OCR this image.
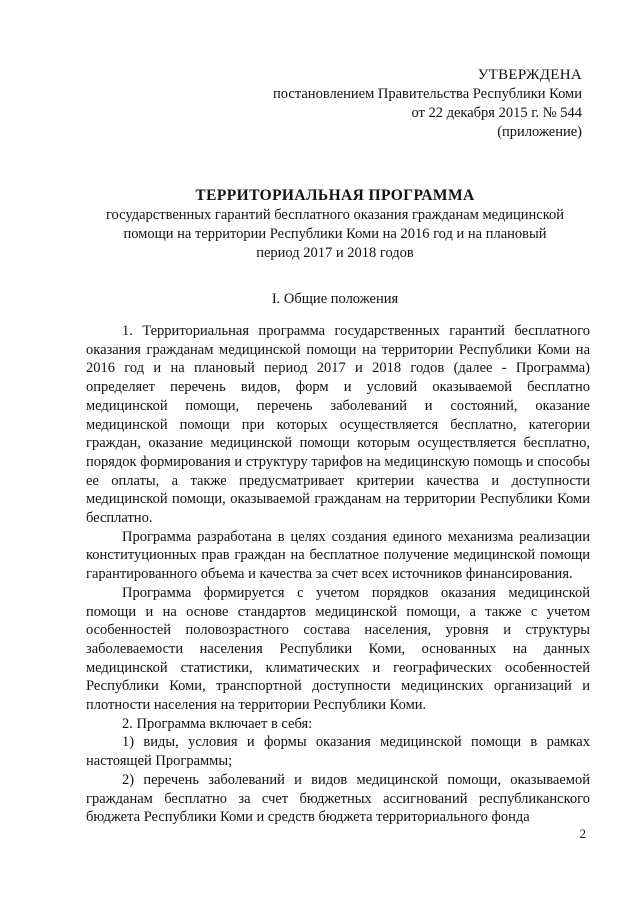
УТВЕРЖДЕНА
постановлением Правительства Республики Коми
от 22 декабря 2015 г. № 544
(приложение)
ТЕРРИТОРИАЛЬНАЯ ПРОГРАММА
государственных гарантий бесплатного оказания гражданам медицинской
помощи на территории Республики Коми на 2016 год и на плановый
период 2017 и 2018 годов
I. Общие положения

1. Территориальная программа государственных гарантий бесплатного оказания гражданам медицинской помощи на территории Республики Коми на 2016 год и на плановый период 2017 и 2018 годов (далее - Программа) определяет перечень видов, форм и условий оказываемой бесплатно медицинской помощи, перечень заболеваний и состояний, оказание медицинской помощи при которых осуществляется бесплатно, категории граждан, оказание медицинской помощи которым осуществляется бесплатно, порядок формирования и структуру тарифов на медицинскую помощь и способы ее оплаты, а также предусматривает критерии качества и доступности медицинской помощи, оказываемой гражданам на территории Республики Коми бесплатно.

Программа разработана в целях создания единого механизма реализации конституционных прав граждан на бесплатное получение медицинской помощи гарантированного объема и качества за счет всех источников финансирования.

Программа формируется с учетом порядков оказания медицинской помощи и на основе стандартов медицинской помощи, а также с учетом особенностей половозрастного состава населения, уровня и структуры заболеваемости населения Республики Коми, основанных на данных медицинской статистики, климатических и географических особенностей Республики Коми, транспортной доступности медицинских организаций и плотности населения на территории Республики Коми.

2. Программа включает в себя:

1) виды, условия и формы оказания медицинской помощи в рамках настоящей Программы;

2) перечень заболеваний и видов медицинской помощи, оказываемой гражданам бесплатно за счет бюджетных ассигнований республиканского бюджета Республики Коми и средств бюджета территориального фонда

2
